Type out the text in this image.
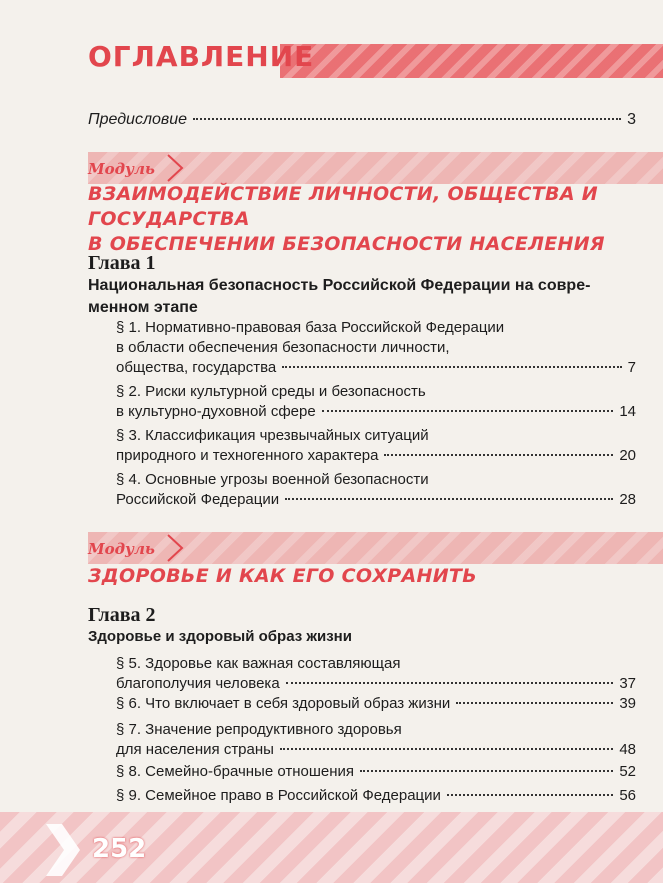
ОГЛАВЛЕНИЕ
Предисловие	3
Модуль
ВЗАИМОДЕЙСТВИЕ ЛИЧНОСТИ, ОБЩЕСТВА И ГОСУДАРСТВА
В ОБЕСПЕЧЕНИИ БЕЗОПАСНОСТИ НАСЕЛЕНИЯ
Глава 1
Национальная безопасность Российской Федерации на совре-
менном этапе
§ 1. Нормативно-правовая база Российской Федерации
в области обеспечения безопасности личности,
общества, государства	7
§ 2. Риски культурной среды и безопасность
в культурно-духовной сфере	14
§ 3. Классификация чрезвычайных ситуаций
природного и техногенного характера	20
§ 4. Основные угрозы военной безопасности
Российской Федерации	28
Модуль
ЗДОРОВЬЕ И КАК ЕГО СОХРАНИТЬ
Глава 2
Здоровье и здоровый образ жизни
§ 5. Здоровье как важная составляющая
благополучия человека	37
§ 6. Что включает в себя здоровый образ жизни	39
§ 7. Значение репродуктивного здоровья
для населения страны	48
§ 8. Семейно-брачные отношения	52
§ 9. Семейное право в Российской Федерации	56
252
